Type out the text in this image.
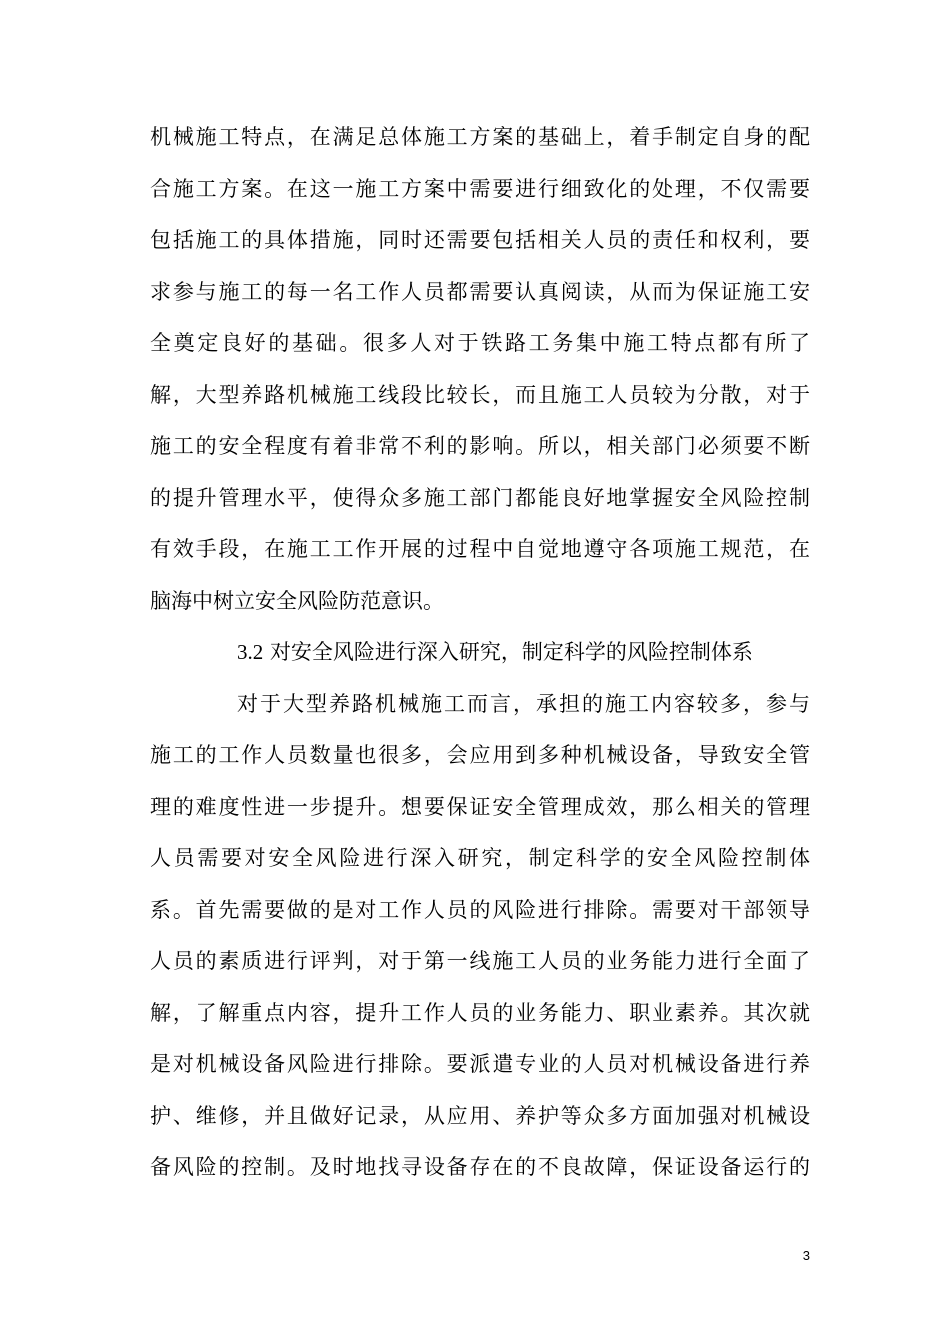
机械施工特点，在满足总体施工方案的基础上，着手制定自身的配
合施工方案。在这一施工方案中需要进行细致化的处理，不仅需要
包括施工的具体措施，同时还需要包括相关人员的责任和权利，要
求参与施工的每一名工作人员都需要认真阅读，从而为保证施工安
全奠定良好的基础。很多人对于铁路工务集中施工特点都有所了
解，大型养路机械施工线段比较长，而且施工人员较为分散，对于
施工的安全程度有着非常不利的影响。所以，相关部门必须要不断
的提升管理水平，使得众多施工部门都能良好地掌握安全风险控制
有效手段，在施工工作开展的过程中自觉地遵守各项施工规范，在
脑海中树立安全风险防范意识。
3.2 对安全风险进行深入研究，制定科学的风险控制体系
对于大型养路机械施工而言，承担的施工内容较多，参与
施工的工作人员数量也很多，会应用到多种机械设备，导致安全管
理的难度性进一步提升。想要保证安全管理成效，那么相关的管理
人员需要对安全风险进行深入研究，制定科学的安全风险控制体
系。首先需要做的是对工作人员的风险进行排除。需要对干部领导
人员的素质进行评判，对于第一线施工人员的业务能力进行全面了
解，了解重点内容，提升工作人员的业务能力、职业素养。其次就
是对机械设备风险进行排除。要派遣专业的人员对机械设备进行养
护、维修，并且做好记录，从应用、养护等众多方面加强对机械设
备风险的控制。及时地找寻设备存在的不良故障，保证设备运行的
3
